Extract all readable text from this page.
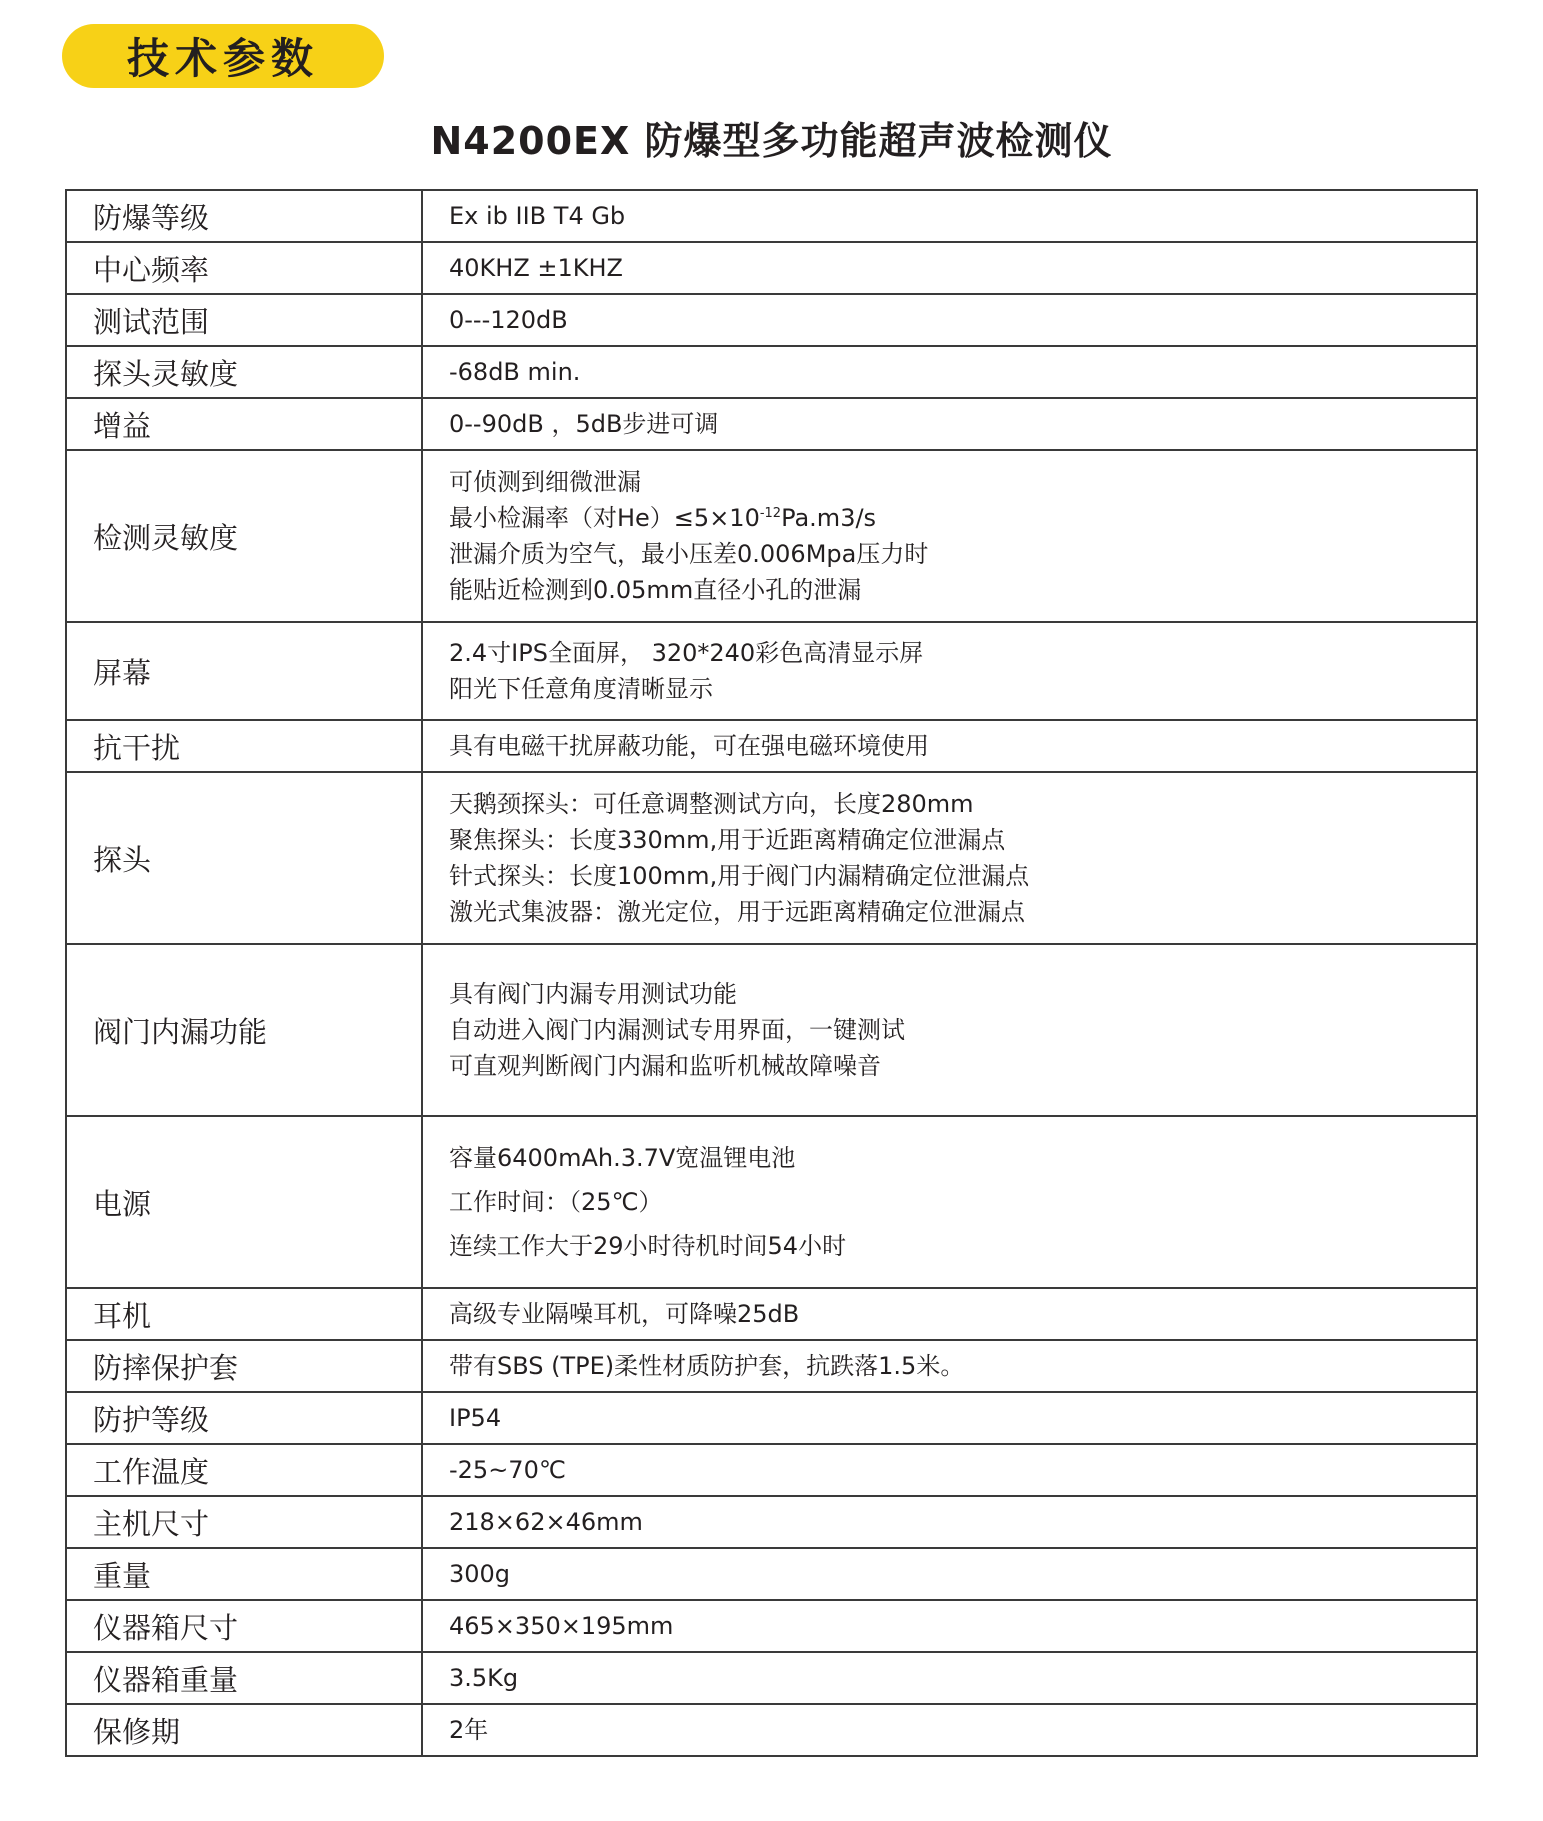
技术参数
N4200EX 防爆型多功能超声波检测仪
防爆等级	Ex ib IIB T4 Gb

中心频率	40KHZ ±1KHZ

测试范围	0---120dB

探头灵敏度	-68dB min.

增益	0--90dB ，5dB步进可调

检测灵敏度	可侦测到细微泄漏
最小检漏率（对$He)\le 5\times 10^{-12}Pa.m3/s$
泄漏介质为空气，最小压差0.006Mpa压力时
能贴近检测到0.05mm直径小孔的泄漏

屏幕	2.4寸IPS全面屏， 320*240彩色高清显示屏
阳光下任意角度清晰显示

抗干扰	具有电磁干扰屏蔽功能，可在强电磁环境使用

探头	天鹅颈探头：可任意调整测试方向，长度280mm
聚焦探头：长度330mm,用于近距离精确定位泄漏点
针式探头：长度100mm,用于阀门内漏精确定位泄漏点
激光式集波器：激光定位，用于远距离精确定位泄漏点

阀门内漏功能	具有阀门内漏专用测试功能
自动进入阀门内漏测试专用界面，一键测试
可直观判断阀门内漏和监听机械故障噪音

电源	容量6400mAh.3.7V宽温锂电池
工作时间：（25℃）
连续工作大于29小时待机时间54小时

耳机	高级专业隔噪耳机，可降噪25dB

防摔保护套	带有SBS (TPE)柔性材质防护套，抗跌落1.5米。

防护等级	IP54

工作温度	-25~70℃

主机尺寸	218×62×46mm

重量	300g

仪器箱尺寸	465×350×195mm

仪器箱重量	3.5Kg

保修期	2年
